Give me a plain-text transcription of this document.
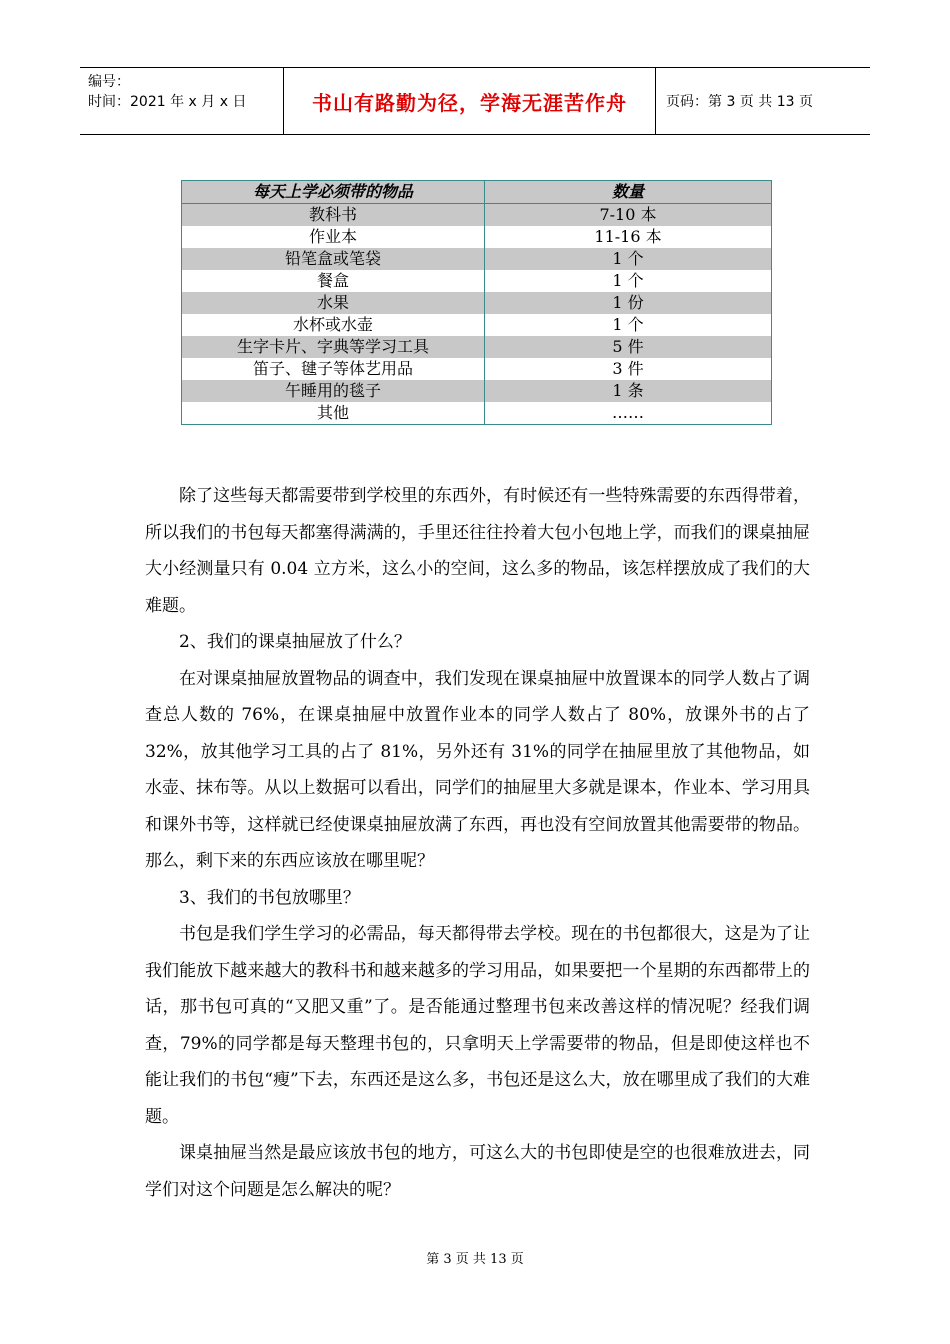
编号：
时间：2021 年 x 月 x 日	书山有路勤为径，学海无涯苦作舟	页码：第 3 页 共 13 页
每天上学必须带的物品	数量
教科书	7-10 本
作业本	11-16 本
铅笔盒或笔袋	1 个
餐盒	1 个
水果	1 份
水杯或水壶	1 个
生字卡片、字典等学习工具	5 件
笛子、毽子等体艺用品	3 件
午睡用的毯子	1 条
其他	……

除了这些每天都需要带到学校里的东西外，有时候还有一些特殊需要的东西得带着，所以我们的书包每天都塞得满满的，手里还往往拎着大包小包地上学，而我们的课桌抽屉大小经测量只有 0.04 立方米，这么小的空间，这么多的物品，该怎样摆放成了我们的大难题。

2、我们的课桌抽屉放了什么？

在对课桌抽屉放置物品的调查中，我们发现在课桌抽屉中放置课本的同学人数占了调查总人数的 76%，在课桌抽屉中放置作业本的同学人数占了 80%，放课外书的占了 32%，放其他学习工具的占了 81%，另外还有 31%的同学在抽屉里放了其他物品，如水壶、抹布等。从以上数据可以看出，同学们的抽屉里大多就是课本，作业本、学习用具和课外书等，这样就已经使课桌抽屉放满了东西，再也没有空间放置其他需要带的物品。那么，剩下来的东西应该放在哪里呢？

3、我们的书包放哪里？

书包是我们学生学习的必需品，每天都得带去学校。现在的书包都很大，这是为了让我们能放下越来越大的教科书和越来越多的学习用品，如果要把一个星期的东西都带上的话，那书包可真的“又肥又重”了。是否能通过整理书包来改善这样的情况呢？经我们调查，79%的同学都是每天整理书包的，只拿明天上学需要带的物品，但是即使这样也不能让我们的书包“瘦”下去，东西还是这么多，书包还是这么大，放在哪里成了我们的大难题。

课桌抽屉当然是最应该放书包的地方，可这么大的书包即使是空的也很难放进去，同学们对这个问题是怎么解决的呢？

第 3 页 共 13 页
